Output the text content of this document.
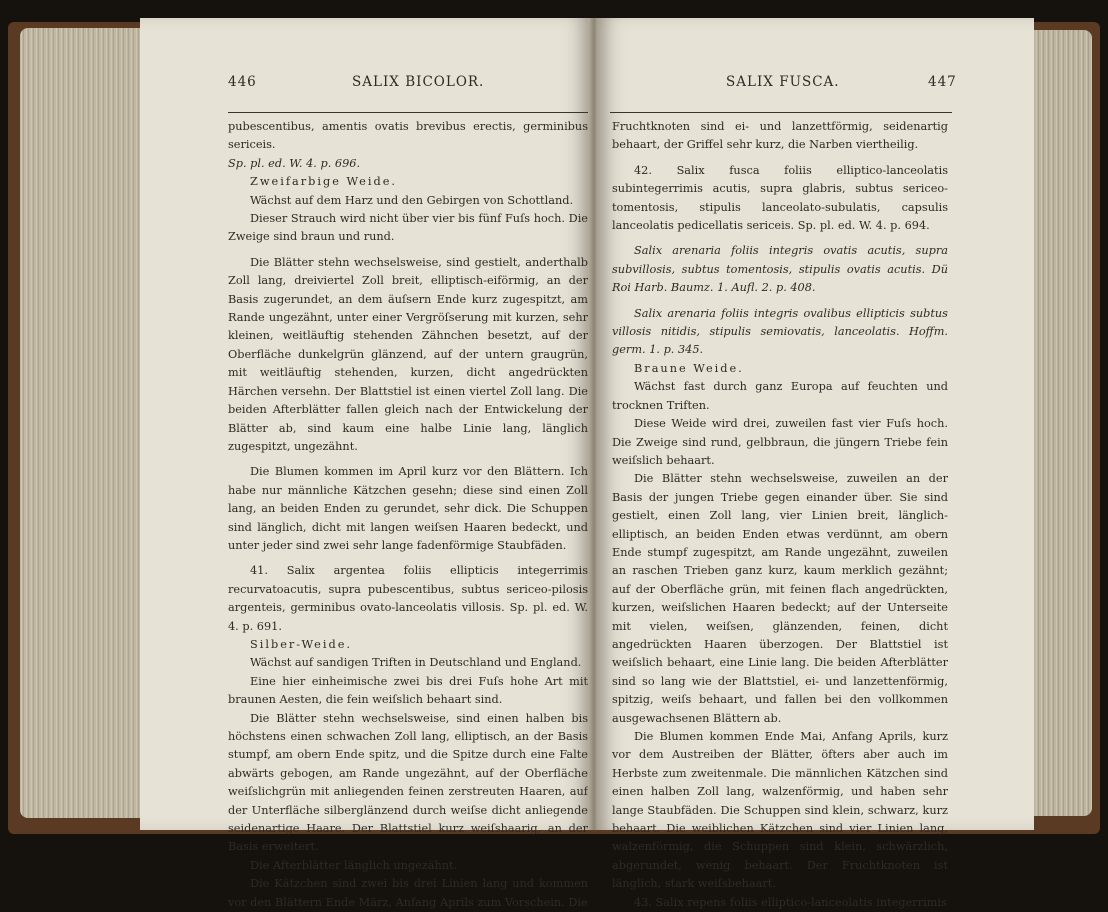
446	SALIX BICOLOR.

pubescentibus, amentis ovatis brevibus erectis, germinibus sericeis.

Sp. pl. ed. W. 4. p. 696.

Zweifarbige Weide.

Wächst auf dem Harz und den Gebirgen von Schottland.

Dieser Strauch wird nicht über vier bis fünf Fuſs hoch. Die Zweige sind braun und rund.

Die Blätter stehn wechselsweise, sind gestielt, anderthalb Zoll lang, dreiviertel Zoll breit, elliptisch-eiförmig, an der Basis zugerundet, an dem äuſsern Ende kurz zugespitzt, am Rande ungezähnt, unter einer Vergröſserung mit kurzen, sehr kleinen, weitläuftig stehenden Zähnchen besetzt, auf der Oberfläche dunkelgrün glänzend, auf der untern graugrün, mit weitläuftig stehenden, kurzen, dicht angedrückten Härchen versehn. Der Blattstiel ist einen viertel Zoll lang. Die beiden Afterblätter fallen gleich nach der Entwickelung der Blätter ab, sind kaum eine halbe Linie lang, länglich zugespitzt, ungezähnt.

Die Blumen kommen im April kurz vor den Blättern. Ich habe nur männliche Kätzchen gesehn; diese sind einen Zoll lang, an beiden Enden zu gerundet, sehr dick. Die Schuppen sind länglich, dicht mit langen weiſsen Haaren bedeckt, und unter jeder sind zwei sehr lange fadenförmige Staubfäden.

41. Salix argentea foliis ellipticis integerrimis recurvatoacutis, supra pubescentibus, subtus sericeo-pilosis argenteis, germinibus ovato-lanceolatis villosis. Sp. pl. ed. W. 4. p. 691.

Silber-Weide.

Wächst auf sandigen Triften in Deutschland und England.

Eine hier einheimische zwei bis drei Fuſs hohe Art mit braunen Aesten, die fein weiſslich behaart sind.

Die Blätter stehn wechselsweise, sind einen halben bis höchstens einen schwachen Zoll lang, elliptisch, an der Basis stumpf, am obern Ende spitz, und die Spitze durch eine Falte abwärts gebogen, am Rande ungezähnt, auf der Oberfläche weiſslichgrün mit anliegenden feinen zerstreuten Haaren, auf der Unterfläche silberglänzend durch weiſse dicht anliegende seidenartige Haare. Der Blattstiel kurz weiſshaarig, an der Basis erweitert.

Die Afterblätter länglich ungezähnt.

Die Kätzchen sind zwei bis drei Linien lang und kommen vor den Blättern Ende März, Anfang Aprils zum Vorschein. Die

SALIX FUSCA.	447

Fruchtknoten sind ei- und lanzettförmig, seidenartig behaart, der Griffel sehr kurz, die Narben viertheilig.

42. Salix fusca foliis elliptico-lanceolatis subintegerrimis acutis, supra glabris, subtus sericeo-tomentosis, stipulis lanceolato-subulatis, capsulis lanceolatis pedicellatis sericeis. Sp. pl. ed. W. 4. p. 694.

Salix arenaria foliis integris ovatis acutis, supra subvillosis, subtus tomentosis, stipulis ovatis acutis. Dü Roi Harb. Baumz. 1. Aufl. 2. p. 408.

Salix arenaria foliis integris ovalibus ellipticis subtus villosis nitidis, stipulis semiovatis, lanceolatis. Hoffm. germ. 1. p. 345.

Braune Weide.

Wächst fast durch ganz Europa auf feuchten und trocknen Triften.

Diese Weide wird drei, zuweilen fast vier Fuſs hoch. Die Zweige sind rund, gelbbraun, die jüngern Triebe fein weiſslich behaart.

Die Blätter stehn wechselsweise, zuweilen an der Basis der jungen Triebe gegen einander über. Sie sind gestielt, einen Zoll lang, vier Linien breit, länglich-elliptisch, an beiden Enden etwas verdünnt, am obern Ende stumpf zugespitzt, am Rande ungezähnt, zuweilen an raschen Trieben ganz kurz, kaum merklich gezähnt; auf der Oberfläche grün, mit feinen flach angedrückten, kurzen, weiſslichen Haaren bedeckt; auf der Unterseite mit vielen, weiſsen, glänzenden, feinen, dicht angedrückten Haaren überzogen. Der Blattstiel ist weiſslich behaart, eine Linie lang. Die beiden Afterblätter sind so lang wie der Blattstiel, ei- und lanzettenförmig, spitzig, weiſs behaart, und fallen bei den vollkommen ausgewachsenen Blättern ab.

Die Blumen kommen Ende Mai, Anfang Aprils, kurz vor dem Austreiben der Blätter, öfters aber auch im Herbste zum zweitenmale. Die männlichen Kätzchen sind einen halben Zoll lang, walzenförmig, und haben sehr lange Staubfäden. Die Schuppen sind klein, schwarz, kurz behaart. Die weiblichen Kätzchen sind vier Linien lang, walzenförmig, die Schuppen sind klein, schwärzlich, abgerundet, wenig behaart. Der Fruchtknoten ist länglich, stark weiſsbehaart.

43. Salix repens foliis elliptico-lanceolatis integerrimis
